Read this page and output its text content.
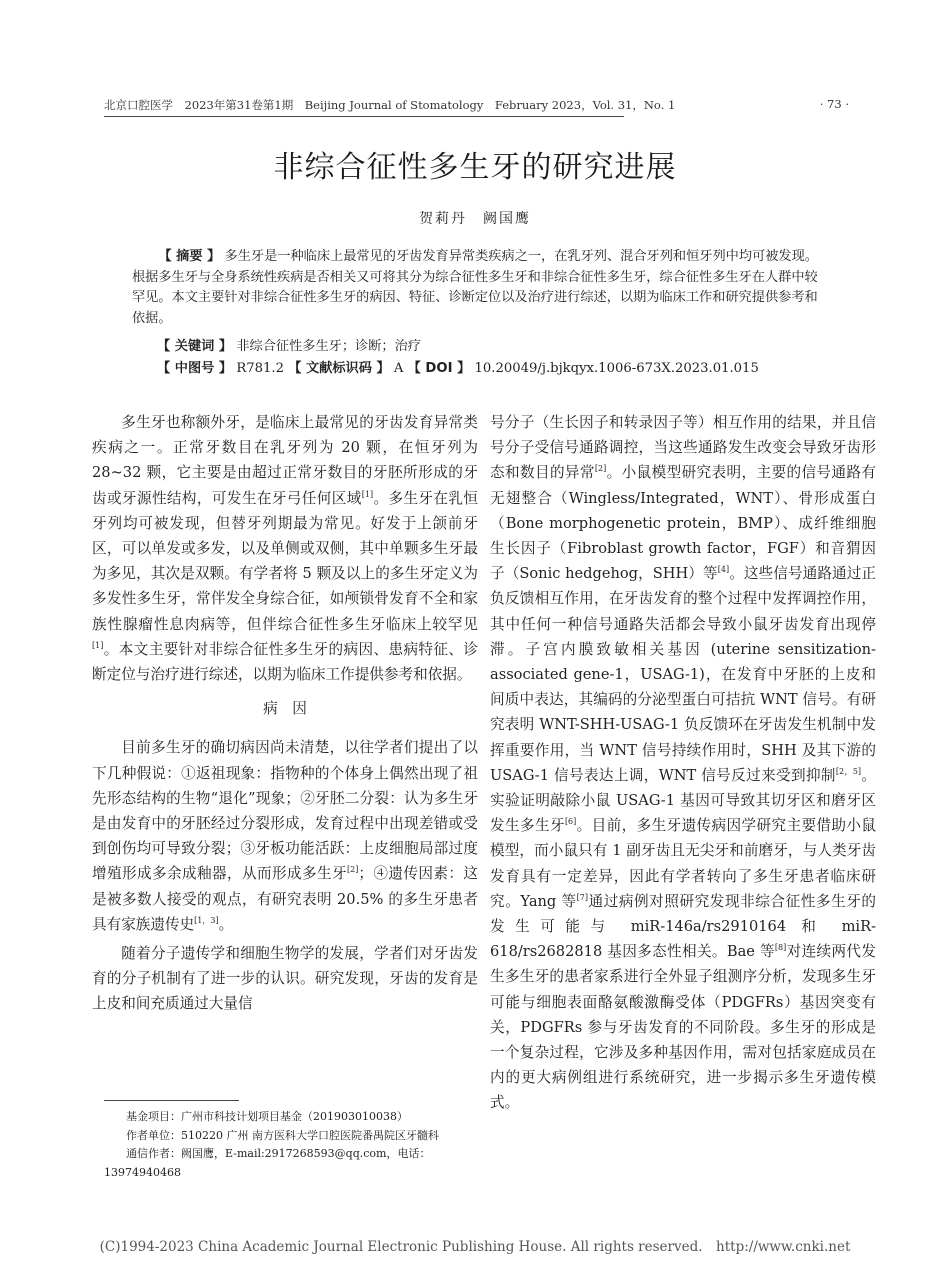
北京口腔医学　2023年第31卷第1期　Beijing Journal of Stomatology　February 2023，Vol. 31，No. 1	· 73 ·
非综合征性多生牙的研究进展
贺莉丹　阙国鹰

【 摘要 】 多生牙是一种临床上最常见的牙齿发育异常类疾病之一，在乳牙列、混合牙列和恒牙列中均可被发现。根据多生牙与全身系统性疾病是否相关又可将其分为综合征性多生牙和非综合征性多生牙，综合征性多生牙在人群中较罕见。本文主要针对非综合征性多生牙的病因、特征、诊断定位以及治疗进行综述，以期为临床工作和研究提供参考和依据。

【 关键词 】 非综合征性多生牙；诊断；治疗
【 中图号 】 R781.2 【 文献标识码 】 A 【 DOI 】 10.20049/j.bjkqyx.1006-673X.2023.01.015

多生牙也称额外牙，是临床上最常见的牙齿发育异常类疾病之一。正常牙数目在乳牙列为 20 颗，在恒牙列为 28~32 颗，它主要是由超过正常牙数目的牙胚所形成的牙齿或牙源性结构，可发生在牙弓任何区域[1]。多生牙在乳恒牙列均可被发现，但替牙列期最为常见。好发于上颌前牙区，可以单发或多发，以及单侧或双侧，其中单颗多生牙最为多见，其次是双颗。有学者将 5 颗及以上的多生牙定义为多发性多生牙，常伴发全身综合征，如颅锁骨发育不全和家族性腺瘤性息肉病等，但伴综合征性多生牙临床上较罕见[1]。本文主要针对非综合征性多生牙的病因、患病特征、诊断定位与治疗进行综述，以期为临床工作提供参考和依据。

病　因

目前多生牙的确切病因尚未清楚，以往学者们提出了以下几种假说：①返祖现象：指物种的个体身上偶然出现了祖先形态结构的生物“退化”现象；②牙胚二分裂：认为多生牙是由发育中的牙胚经过分裂形成，发育过程中出现差错或受到创伤均可导致分裂；③牙板功能活跃：上皮细胞局部过度增殖形成多余成釉器，从而形成多生牙[2]；④遗传因素：这是被多数人接受的观点，有研究表明 20.5% 的多生牙患者具有家族遗传史[1，3]。

随着分子遗传学和细胞生物学的发展，学者们对牙齿发育的分子机制有了进一步的认识。研究发现，牙齿的发育是上皮和间充质通过大量信

号分子（生长因子和转录因子等）相互作用的结果，并且信号分子受信号通路调控，当这些通路发生改变会导致牙齿形态和数目的异常[2]。小鼠模型研究表明，主要的信号通路有无翅整合（Wingless/Integrated，WNT）、骨形成蛋白（Bone morphogenetic protein，BMP）、成纤维细胞生长因子（Fibroblast growth factor，FGF）和音猬因子（Sonic hedgehog，SHH）等[4]。这些信号通路通过正负反馈相互作用，在牙齿发育的整个过程中发挥调控作用，其中任何一种信号通路失活都会导致小鼠牙齿发育出现停滞。子宫内膜致敏相关基因 (uterine sensitization-associated gene-1，USAG-1)，在发育中牙胚的上皮和间质中表达，其编码的分泌型蛋白可拮抗 WNT 信号。有研究表明 WNT-SHH-USAG-1 负反馈环在牙齿发生机制中发挥重要作用，当 WNT 信号持续作用时，SHH 及其下游的 USAG-1 信号表达上调，WNT 信号反过来受到抑制[2，5]。实验证明敲除小鼠 USAG-1 基因可导致其切牙区和磨牙区发生多生牙[6]。目前，多生牙遗传病因学研究主要借助小鼠模型，而小鼠只有 1 副牙齿且无尖牙和前磨牙，与人类牙齿发育具有一定差异，因此有学者转向了多生牙患者临床研究。Yang 等[7]通过病例对照研究发现非综合征性多生牙的发生可能与 miR-146a/rs2910164 和 miR-618/rs2682818 基因多态性相关。Bae 等[8]对连续两代发生多生牙的患者家系进行全外显子组测序分析，发现多生牙可能与细胞表面酪氨酸激酶受体（PDGFRs）基因突变有关，PDGFRs 参与牙齿发育的不同阶段。多生牙的形成是一个复杂过程，它涉及多种基因作用，需对包括家庭成员在内的更大病例组进行系统研究，进一步揭示多生牙遗传模式。

基金项目：广州市科技计划项目基金（201903010038）

作者单位：510220 广州 南方医科大学口腔医院番禺院区牙髓科

通信作者：阙国鹰，E-mail:2917268593@qq.com，电话：13974940468

(C)1994-2023 China Academic Journal Electronic Publishing House. All rights reserved.　http://www.cnki.net
